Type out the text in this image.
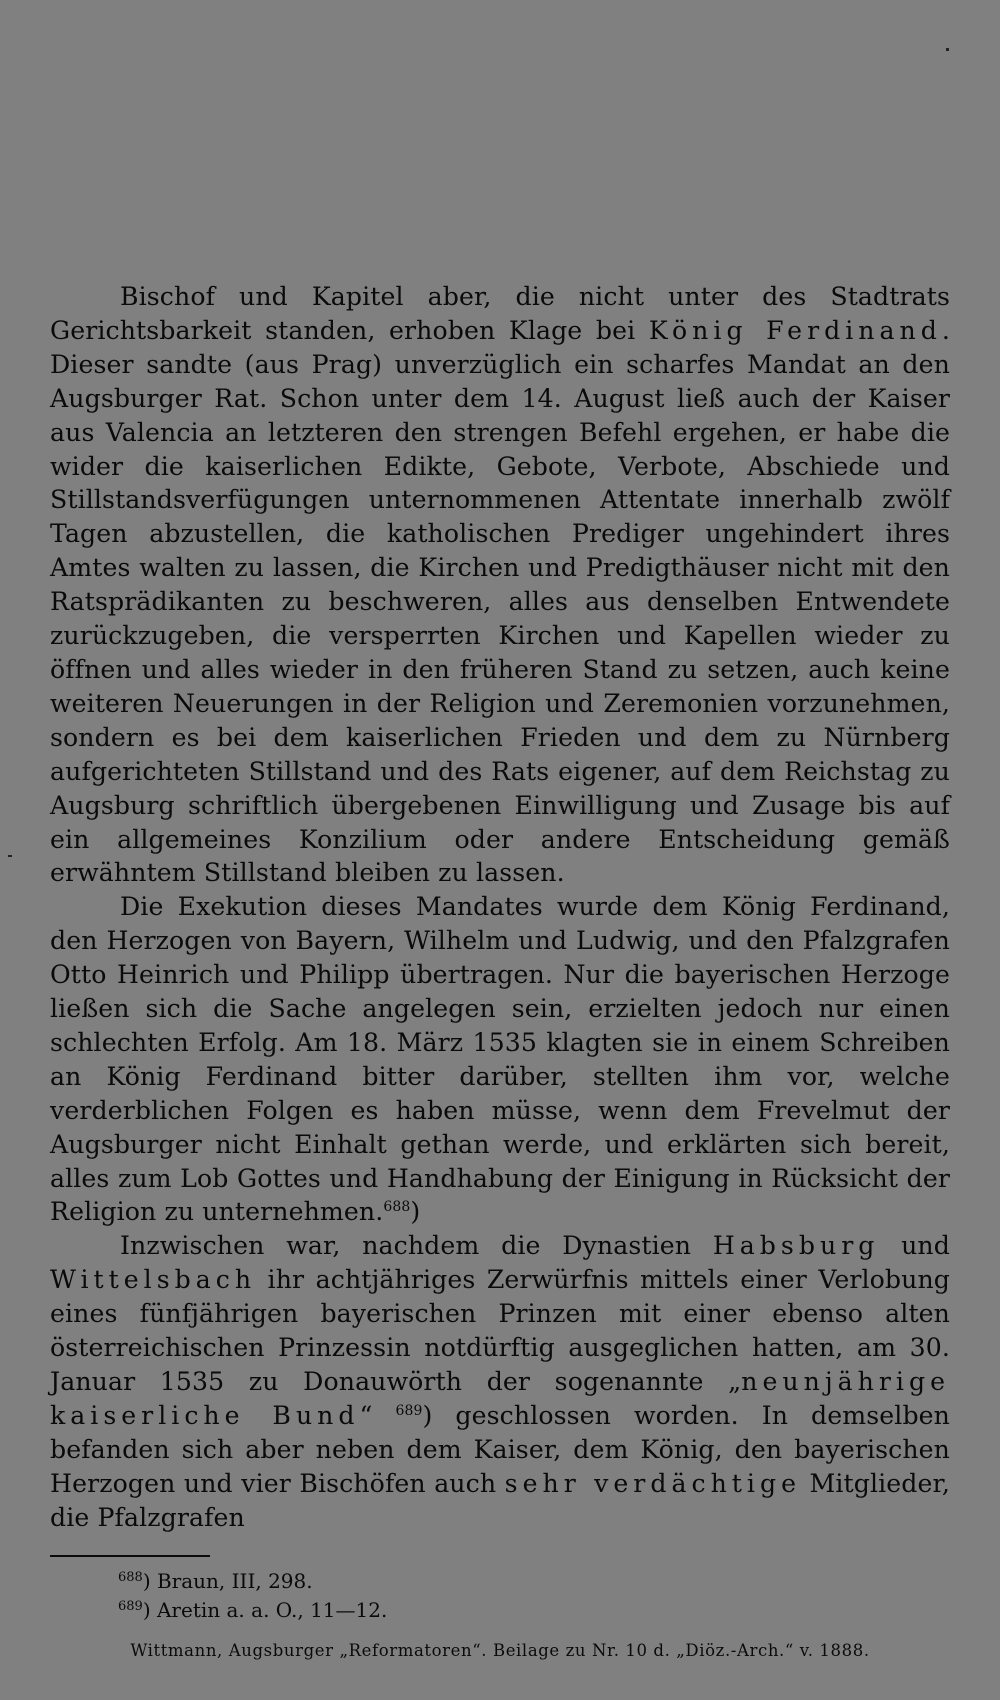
Bischof und Kapitel aber, die nicht unter des Stadtrats Gerichtsbarkeit standen, erhoben Klage bei König Ferdinand. Dieser sandte (aus Prag) unverzüglich ein scharfes Mandat an den Augsburger Rat. Schon unter dem 14. August ließ auch der Kaiser aus Valencia an letzteren den strengen Befehl ergehen, er habe die wider die kaiserlichen Edikte, Gebote, Verbote, Abschiede und Stillstandsverfügungen unternommenen Attentate innerhalb zwölf Tagen abzustellen, die katholischen Prediger ungehindert ihres Amtes walten zu lassen, die Kirchen und Predigthäuser nicht mit den Ratsprädikanten zu beschweren, alles aus denselben Entwendete zurückzugeben, die versperrten Kirchen und Kapellen wieder zu öffnen und alles wieder in den früheren Stand zu setzen, auch keine weiteren Neuerungen in der Religion und Zeremonien vorzunehmen, sondern es bei dem kaiserlichen Frieden und dem zu Nürnberg aufgerichteten Stillstand und des Rats eigener, auf dem Reichstag zu Augsburg schriftlich übergebenen Einwilligung und Zusage bis auf ein allgemeines Konzilium oder andere Entscheidung gemäß erwähntem Stillstand bleiben zu lassen.

Die Exekution dieses Mandates wurde dem König Ferdinand, den Herzogen von Bayern, Wilhelm und Ludwig, und den Pfalzgrafen Otto Heinrich und Philipp übertragen. Nur die bayerischen Herzoge ließen sich die Sache angelegen sein, erzielten jedoch nur einen schlechten Erfolg. Am 18. März 1535 klagten sie in einem Schreiben an König Ferdinand bitter darüber, stellten ihm vor, welche verderblichen Folgen es haben müsse, wenn dem Frevelmut der Augsburger nicht Einhalt gethan werde, und erklärten sich bereit, alles zum Lob Gottes und Handhabung der Einigung in Rücksicht der Religion zu unternehmen.$^{688}$)

Inzwischen war, nachdem die Dynastien Habsburg und Wittelsbach ihr achtjähriges Zerwürfnis mittels einer Verlobung eines fünfjährigen bayerischen Prinzen mit einer ebenso alten österreichischen Prinzessin notdürftig ausgeglichen hatten, am 30. Januar 1535 zu Donauwörth der sogenannte „neunjährige kaiserliche Bund“ $^{689}$) geschlossen worden. In demselben befanden sich aber neben dem Kaiser, dem König, den bayerischen Herzogen und vier Bischöfen auch sehr verdächtige Mitglieder, die Pfalzgrafen

$^{688}$) Braun, III, 298.
$^{689}$) Aretin a. a. O., 11—12.
Wittmann, Augsburger „Reformatoren“. Beilage zu Nr. 10 d. „Diöz.-Arch.“ v. 1888.
